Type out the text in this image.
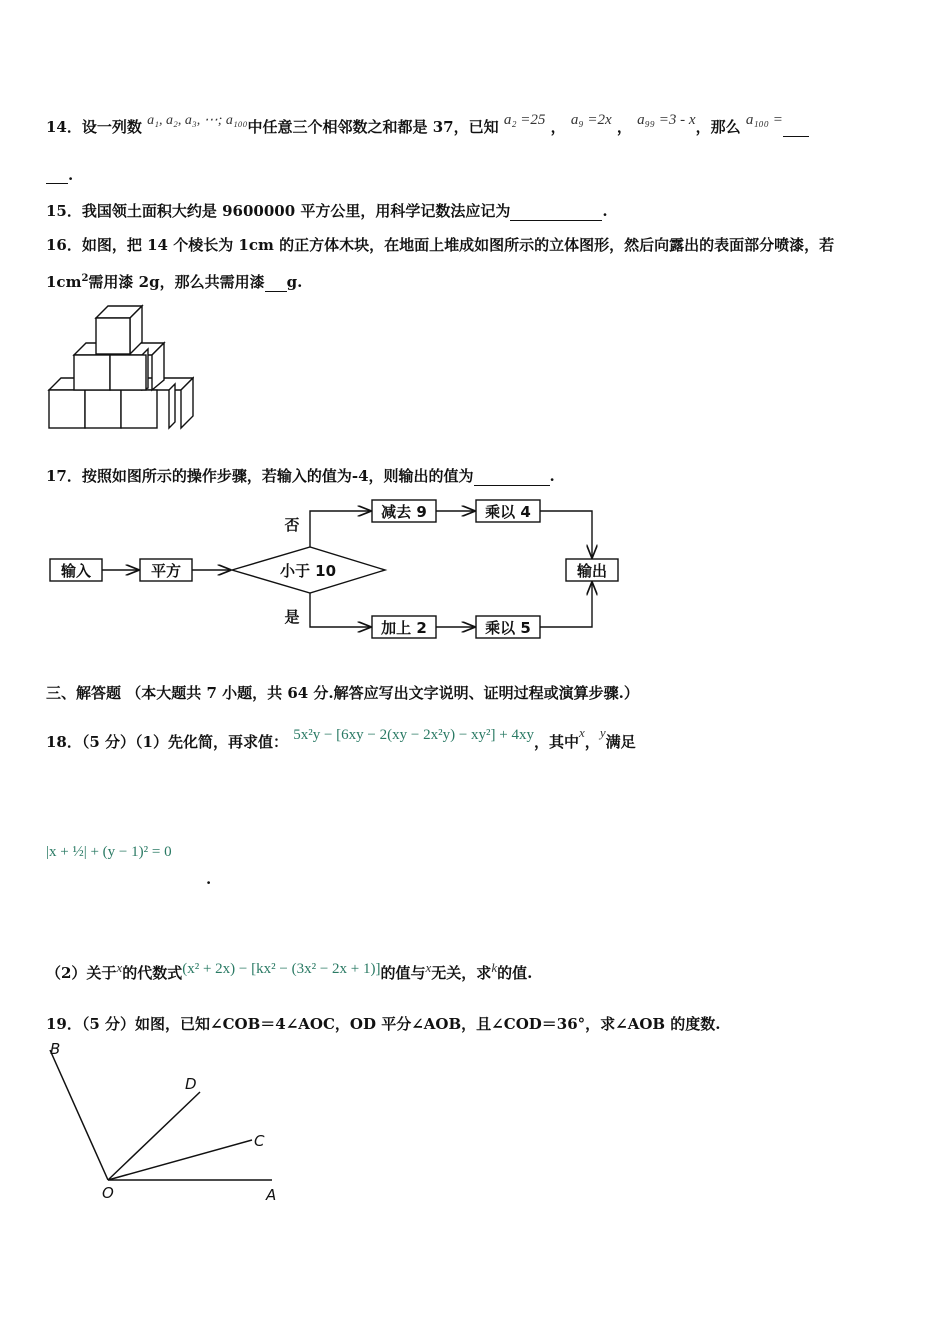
14．设一列数 a₁, a₂, a₃, ⋯; a₁₀₀中任意三个相邻数之和都是 37，已知 a₂ =25 ， a₉ =2x ， a₉₉ =3 - x，那么 a₁₀₀ =
.
15．我国领土面积大约是 9600000 平方公里，用科学记数法应记为	.
16．如图，把 14 个棱长为 1cm 的正方体木块，在地面上堆成如图所示的立体图形，然后向露出的表面部分喷漆，若
$1cm^2$需用漆 2g，那么共需用漆 g.
17．按照如图所示的操作步骤，若输入的值为-4，则输出的值为	.
输入	平方	小于 10
否
是
减去 9	乘以 4
加上 2	乘以 5
输出
三、解答题 （本大题共 7 小题，共 64 分.解答应写出文字说明、证明过程或演算步骤.）
18．（5 分）（1）先化简，再求值： 5x²y − [6xy − 2(xy − 2x²y) − xy²] + 4xy，其中x，y满足
|x + ½| + (y − 1)² = 0
.
（2）关于x的代数式(x² + 2x) − [kx² − (3x² − 2x + 1)]的值与x无关，求k的值.
19．（5 分）如图，已知∠COB＝4∠AOC，OD 平分∠AOB，且∠COD＝36°，求∠AOB 的度数.
B
D
C
O	A
